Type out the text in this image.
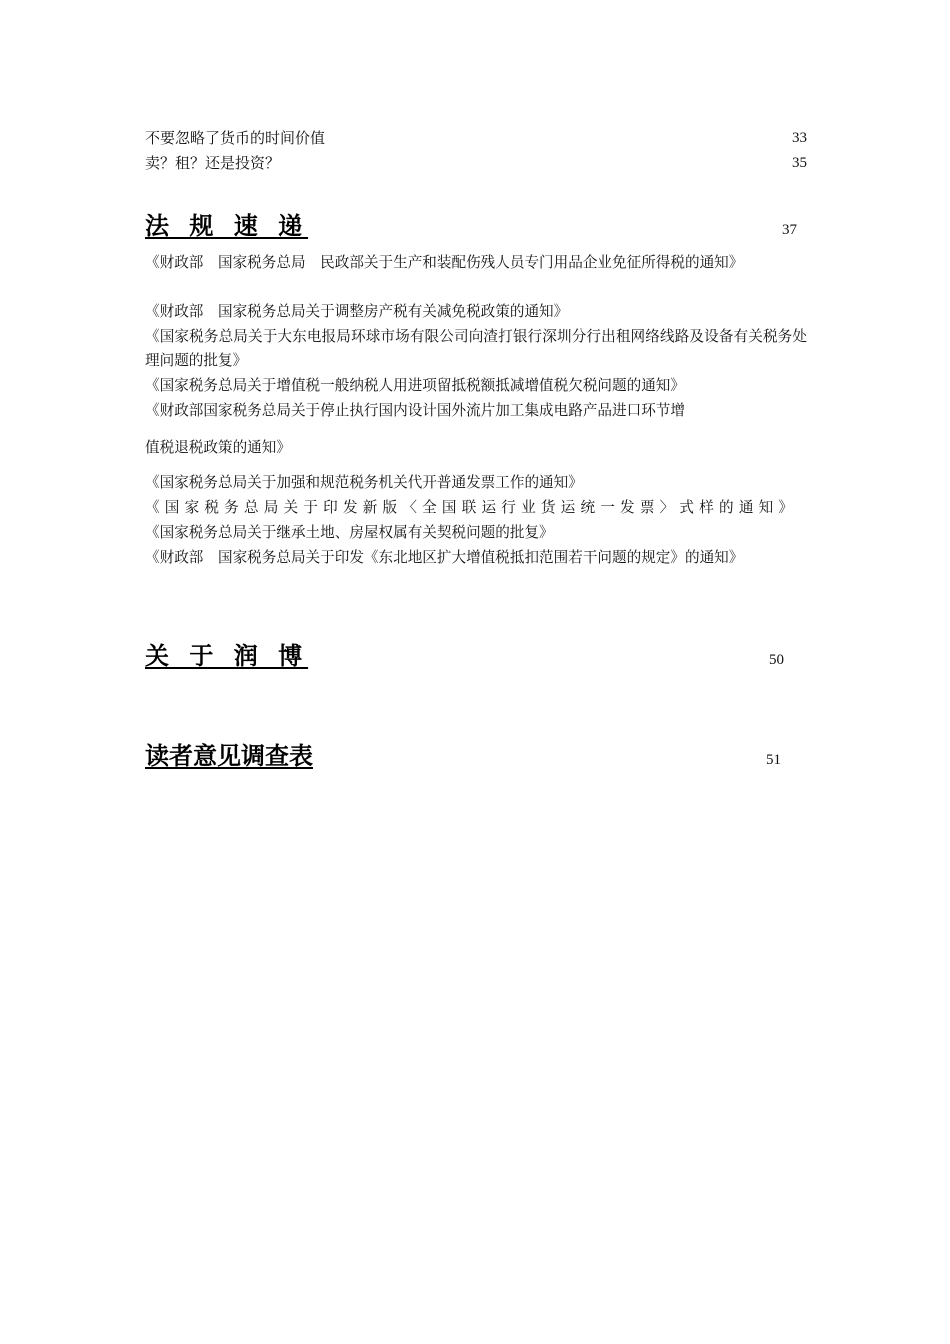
不要忽略了货币的时间价值	33
卖？租？还是投资？	35
法 规 速 递	37
《财政部　国家税务总局　民政部关于生产和装配伤残人员专门用品企业免征所得税的通知》
《财政部　国家税务总局关于调整房产税有关减免税政策的通知》
《国家税务总局关于大东电报局环球市场有限公司向渣打银行深圳分行出租网络线路及设备有关税务处理问题的批复》
《国家税务总局关于增值税一般纳税人用进项留抵税额抵减增值税欠税问题的通知》
《财政部国家税务总局关于停止执行国内设计国外流片加工集成电路产品进口环节增
值税退税政策的通知》
《国家税务总局关于加强和规范税务机关代开普通发票工作的通知》
《国家税务总局关于印发新版〈全国联运行业货运统一发票〉式样的通知》
《国家税务总局关于继承土地、房屋权属有关契税问题的批复》
《财政部　国家税务总局关于印发《东北地区扩大增值税抵扣范围若干问题的规定》的通知》
关 于 润 博	50
读者意见调查表	51
